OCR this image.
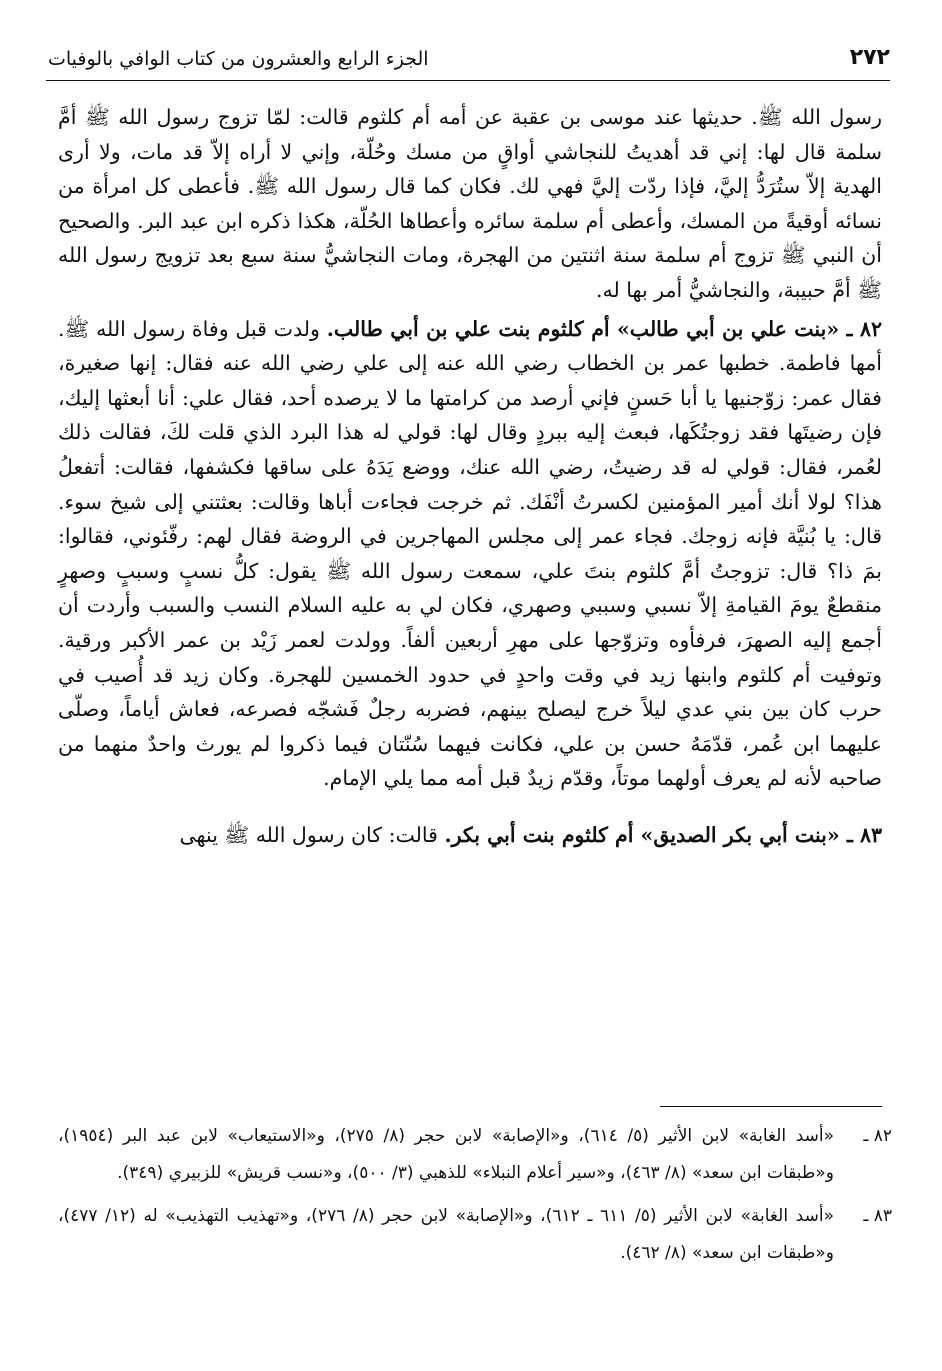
٢٧٢
الجزء الرابع والعشرون من كتاب الوافي بالوفيات

رسول الله ﷺ. حديثها عند موسى بن عقبة عن أمه أم كلثوم قالت: لمّا تزوج رسول الله ﷺ أمَّ سلمة قال لها: إني قد أهديتُ للنجاشي أواقٍ من مسك وحُلّة، وإني لا أراه إلاّ قد مات، ولا أرى الهدية إلاّ ستُرَدُّ إليَّ، فإذا ردّت إليَّ فهي لك. فكان كما قال رسول الله ﷺ. فأعطى كل امرأة من نسائه أوقيةً من المسك، وأعطى أم سلمة سائره وأعطاها الحُلّة، هكذا ذكره ابن عبد البر. والصحيح أن النبي ﷺ تزوج أم سلمة سنة اثنتين من الهجرة، ومات النجاشيُّ سنة سبع بعد تزويج رسول الله ﷺ أمَّ حبيبة، والنجاشيُّ أمر بها له.

٨٢ ـ «بنت علي بن أبي طالب» أم كلثوم بنت علي بن أبي طالب. ولدت قبل وفاة رسول الله ﷺ. أمها فاطمة. خطبها عمر بن الخطاب رضي الله عنه إلى علي رضي الله عنه فقال: إنها صغيرة، فقال عمر: زوّجنيها يا أبا حَسنٍ فإني أرصد من كرامتها ما لا يرصده أحد، فقال علي: أنا أبعثها إليك، فإن رضيتَها فقد زوجتُكَها، فبعث إليه ببردٍ وقال لها: قولي له هذا البرد الذي قلت لكَ، فقالت ذلك لعُمر، فقال: قولي له قد رضيتُ، رضي الله عنك، ووضع يَدَهُ على ساقها فكشفها، فقالت: أتفعلُ هذا؟ لولا أنك أمير المؤمنين لكسرتُ أنْفَك. ثم خرجت فجاءت أباها وقالت: بعثتني إلى شيخ سوء. قال: يا بُنيَّة فإنه زوجك. فجاء عمر إلى مجلس المهاجرين في الروضة فقال لهم: رفّئوني، فقالوا: بمَ ذا؟ قال: تزوجتُ أمَّ كلثوم بنتَ علي، سمعت رسول الله ﷺ يقول: كلُّ نسبٍ وسببٍ وصهرٍ منقطعٌ يومَ القيامةِ إلاّ نسبي وسببي وصهري، فكان لي به عليه السلام النسب والسبب وأردت أن أجمع إليه الصهرَ، فرفأوه وتزوّجها على مهرِ أربعين ألفاً. وولدت لعمر زَيْد بن عمر الأكبر ورقية. وتوفيت أم كلثوم وابنها زيد في وقت واحدٍ في حدود الخمسين للهجرة. وكان زيد قد أُصيب في حرب كان بين بني عدي ليلاً خرج ليصلح بينهم، فضربه رجلٌ فَشجّه فصرعه، فعاش أياماً، وصلّى عليهما ابن عُمر، قدّمَهُ حسن بن علي، فكانت فيهما سُنّتان فيما ذكروا لم يورث واحدٌ منهما من صاحبه لأنه لم يعرف أولهما موتاً، وقدّم زيدٌ قبل أمه مما يلي الإمام.

٨٣ ـ «بنت أبي بكر الصديق» أم كلثوم بنت أبي بكر. قالت: كان رسول الله ﷺ ينهى

٨٢ ـ
«أسد الغابة» لابن الأثير (٥/ ٦١٤)، و«الإصابة» لابن حجر (٨/ ٢٧٥)، و«الاستيعاب» لابن عبد البر (١٩٥٤)، و«طبقات ابن سعد» (٨/ ٤٦٣)، و«سير أعلام النبلاء» للذهبي (٣/ ٥٠٠)، و«نسب قريش» للزبيري (٣٤٩).
٨٣ ـ
«أسد الغابة» لابن الأثير (٥/ ٦١١ ـ ٦١٢)، و«الإصابة» لابن حجر (٨/ ٢٧٦)، و«تهذيب التهذيب» له (١٢/ ٤٧٧)، و«طبقات ابن سعد» (٨/ ٤٦٢).
